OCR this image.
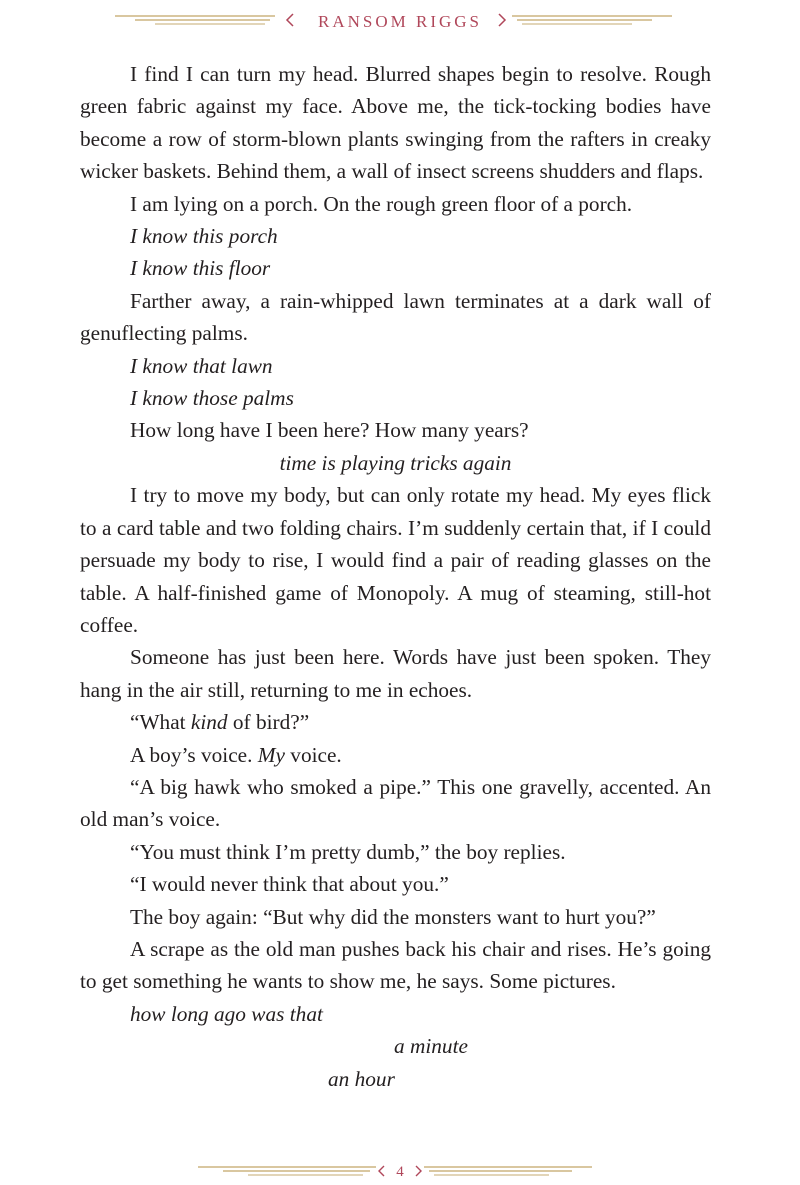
RANSOM RIGGS

I find I can turn my head. Blurred shapes begin to resolve. Rough green fabric against my face. Above me, the tick-tocking bodies have become a row of storm-blown plants swinging from the rafters in creaky wicker baskets. Behind them, a wall of insect screens shudders and flaps.

I am lying on a porch. On the rough green floor of a porch.

I know this porch

I know this floor

Farther away, a rain-whipped lawn terminates at a dark wall of genuflecting palms.

I know that lawn

I know those palms

How long have I been here? How many years?

time is playing tricks again

I try to move my body, but can only rotate my head. My eyes flick to a card table and two folding chairs. I’m suddenly certain that, if I could persuade my body to rise, I would find a pair of reading glasses on the table. A half-finished game of Monopoly. A mug of steaming, still-hot coffee.

Someone has just been here. Words have just been spoken. They hang in the air still, returning to me in echoes.

“What kind of bird?”

A boy’s voice. My voice.

“A big hawk who smoked a pipe.” This one gravelly, accented. An old man’s voice.

“You must think I’m pretty dumb,” the boy replies.

“I would never think that about you.”

The boy again: “But why did the monsters want to hurt you?”

A scrape as the old man pushes back his chair and rises. He’s going to get something he wants to show me, he says. Some pictures.

how long ago was that

a minute

an hour

4
